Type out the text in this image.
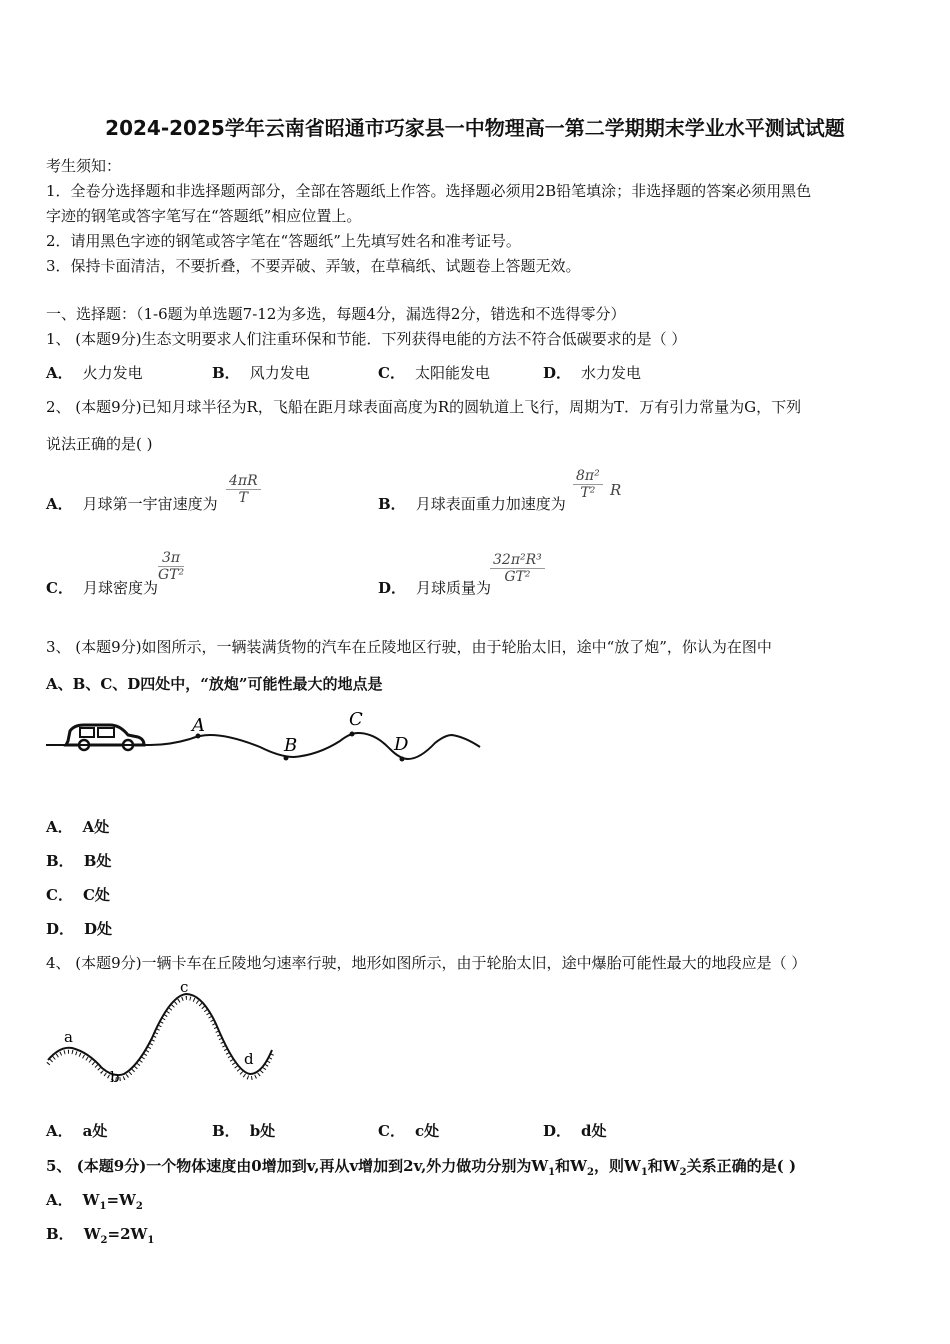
2024-2025学年云南省昭通市巧家县一中物理高一第二学期期末学业水平测试试题
考生须知：
1．全卷分选择题和非选择题两部分，全部在答题纸上作答。选择题必须用2B铅笔填涂；非选择题的答案必须用黑色
字迹的钢笔或答字笔写在“答题纸”相应位置上。
2．请用黑色字迹的钢笔或答字笔在“答题纸”上先填写姓名和准考证号。
3．保持卡面清洁，不要折叠，不要弄破、弄皱，在草稿纸、试题卷上答题无效。
一、选择题：（1-6题为单选题7-12为多选，每题4分，漏选得2分，错选和不选得零分）
1、 (本题9分)生态文明要求人们注重环保和节能．下列获得电能的方法不符合低碳要求的是（ ）
A． 火力发电	B． 风力发电	C． 太阳能发电	D． 水力发电
2、 (本题9分)已知月球半径为R，飞船在距月球表面高度为R的圆轨道上飞行，周期为T．万有引力常量为G，下列
说法正确的是( )
A． 月球第一宇宙速度为 $\frac{4\pi R}{T}$	B． 月球表面重力加速度为
$\frac{\text{8π²}}{\text{T²}}$ R
C． 月球密度为
$\frac{3\pi}{\text{GT²}}$
D． 月球质量为
$\frac{\text{32π²R³}}{\text{GT²}}$
3、 (本题9分)如图所示，一辆装满货物的汽车在丘陵地区行驶，由于轮胎太旧，途中“放了炮”，你认为在图中
A、B、C、D四处中，“放炮”可能性最大的地点是
A
B
C
D
A． A处
B． B处
C． C处
D． D处
4、 (本题9分)一辆卡车在丘陵地匀速率行驶，地形如图所示，由于轮胎太旧，途中爆胎可能性最大的地段应是（ ）
a
b
c
d
A． a处	B． b处	C． c处	D． d处
5、 (本题9分)一个物体速度由0增加到v,再从v增加到2v,外力做功分别为$W_1$和$W_2$，则$W_1$和$W_2$关系正确的是( )
A． $W_1=W_2$
B． $W_2=2W_1$
